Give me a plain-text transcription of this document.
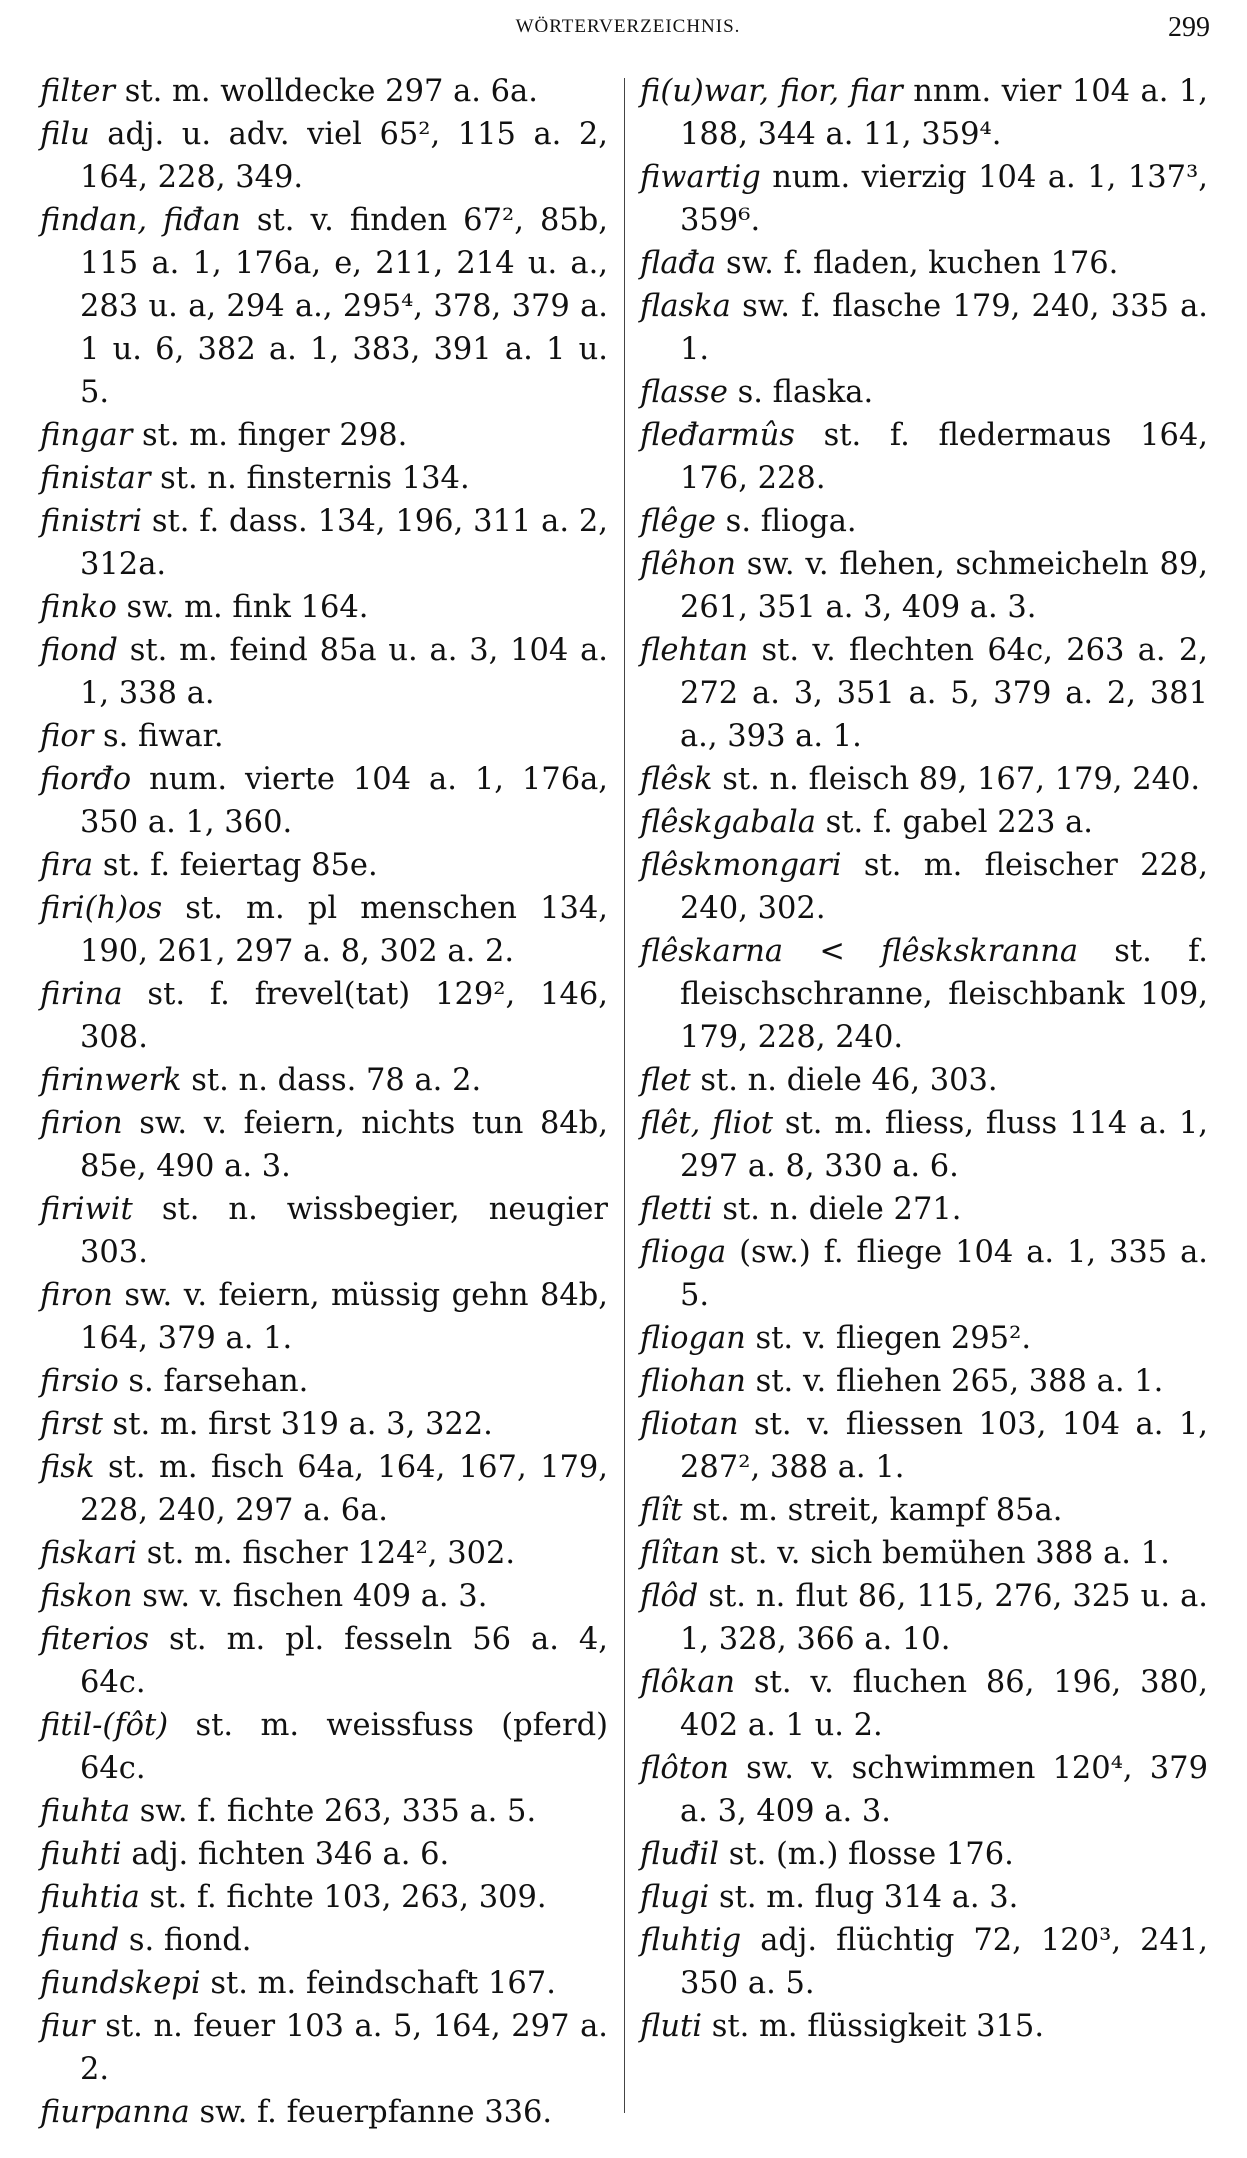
WÖRTERVERZEICHNIS.	299
filter st. m. wolldecke 297 a. 6a.
filu adj. u. adv. viel 65², 115 a. 2, 164, 228, 349.
findan, fiđan st. v. finden 67², 85b, 115 a. 1, 176a, e, 211, 214 u. a., 283 u. a, 294 a., 295⁴, 378, 379 a. 1 u. 6, 382 a. 1, 383, 391 a. 1 u. 5.
fingar st. m. finger 298.
finistar st. n. finsternis 134.
finistri st. f. dass. 134, 196, 311 a. 2, 312a.
finko sw. m. fink 164.
fiond st. m. feind 85a u. a. 3, 104 a. 1, 338 a.
fior s. fiwar.
fiorđo num. vierte 104 a. 1, 176a, 350 a. 1, 360.
fira st. f. feiertag 85e.
firi(h)os st. m. pl menschen 134, 190, 261, 297 a. 8, 302 a. 2.
firina st. f. frevel(tat) 129², 146, 308.
firinwerk st. n. dass. 78 a. 2.
firion sw. v. feiern, nichts tun 84b, 85e, 490 a. 3.
firiwit st. n. wissbegier, neugier 303.
firon sw. v. feiern, müssig gehn 84b, 164, 379 a. 1.
firsio s. farsehan.
first st. m. first 319 a. 3, 322.
fisk st. m. fisch 64a, 164, 167, 179, 228, 240, 297 a. 6a.
fiskari st. m. fischer 124², 302.
fiskon sw. v. fischen 409 a. 3.
fiterios st. m. pl. fesseln 56 a. 4, 64c.
fitil-(fôt) st. m. weissfuss (pferd) 64c.
fiuhta sw. f. fichte 263, 335 a. 5.
fiuhti adj. fichten 346 a. 6.
fiuhtia st. f. fichte 103, 263, 309.
fiund s. fiond.
fiundskepi st. m. feindschaft 167.
fiur st. n. feuer 103 a. 5, 164, 297 a. 2.
fiurpanna sw. f. feuerpfanne 336.
fi(u)war, fior, fiar nnm. vier 104 a. 1, 188, 344 a. 11, 359⁴.
fiwartig num. vierzig 104 a. 1, 137³, 359⁶.
flađa sw. f. fladen, kuchen 176.
flaska sw. f. flasche 179, 240, 335 a. 1.
flasse s. flaska.
fleđarmûs st. f. fledermaus 164, 176, 228.
flêge s. flioga.
flêhon sw. v. flehen, schmeicheln 89, 261, 351 a. 3, 409 a. 3.
flehtan st. v. flechten 64c, 263 a. 2, 272 a. 3, 351 a. 5, 379 a. 2, 381 a., 393 a. 1.
flêsk st. n. fleisch 89, 167, 179, 240.
flêskgabala st. f. gabel 223 a.
flêskmongari st. m. fleischer 228, 240, 302.
flêskarna < flêskskranna st. f. fleischschranne, fleischbank 109, 179, 228, 240.
flet st. n. diele 46, 303.
flêt, fliot st. m. fliess, fluss 114 a. 1, 297 a. 8, 330 a. 6.
fletti st. n. diele 271.
flioga (sw.) f. fliege 104 a. 1, 335 a. 5.
fliogan st. v. fliegen 295².
fliohan st. v. fliehen 265, 388 a. 1.
fliotan st. v. fliessen 103, 104 a. 1, 287², 388 a. 1.
flît st. m. streit, kampf 85a.
flîtan st. v. sich bemühen 388 a. 1.
flôd st. n. flut 86, 115, 276, 325 u. a. 1, 328, 366 a. 10.
flôkan st. v. fluchen 86, 196, 380, 402 a. 1 u. 2.
flôton sw. v. schwimmen 120⁴, 379 a. 3, 409 a. 3.
fluđil st. (m.) flosse 176.
flugi st. m. flug 314 a. 3.
fluhtig adj. flüchtig 72, 120³, 241, 350 a. 5.
fluti st. m. flüssigkeit 315.
